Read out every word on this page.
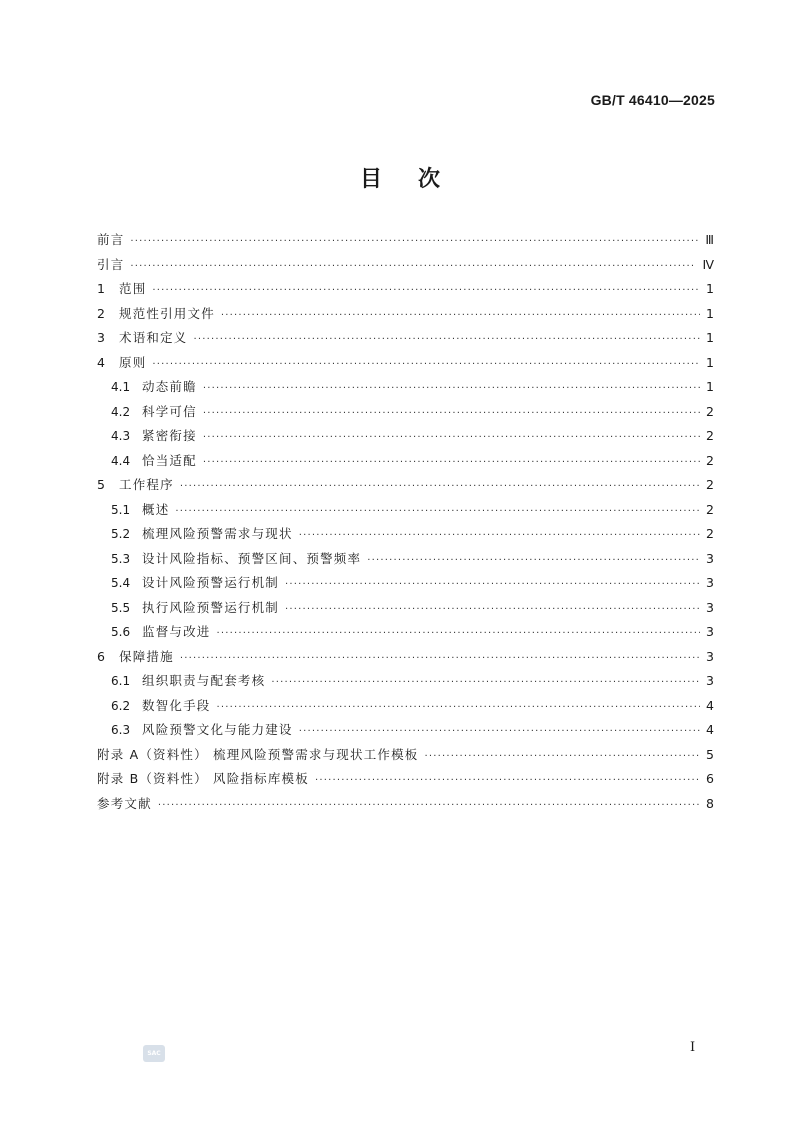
GB/T 46410—2025
目 次
前言 ·····	Ⅲ
引言 ·····	Ⅳ
1	范围 ·····	1
2	规范性引用文件 ·····	1
3	术语和定义 ·····	1
4	原则 ·····	1
4.1 动态前瞻 ·····	1
4.2 科学可信 ·····	2
4.3 紧密衔接 ·····	2
4.4 恰当适配 ·····	2
5	工作程序 ·····	2
5.1 概述 ·····	2
5.2 梳理风险预警需求与现状 ·····	2
5.3 设计风险指标、预警区间、预警频率 ·····	3
5.4 设计风险预警运行机制 ·····	3
5.5 执行风险预警运行机制 ·····	3
5.6 监督与改进 ·····	3
6	保障措施 ·····	3
6.1 组织职责与配套考核 ·····	3
6.2 数智化手段 ·····	4
6.3 风险预警文化与能力建设 ·····	4
附录 A（资料性） 梳理风险预警需求与现状工作模板 ·····	5
附录 B（资料性） 风险指标库模板 ·····	6
参考文献 ·····	8
SAC	I
